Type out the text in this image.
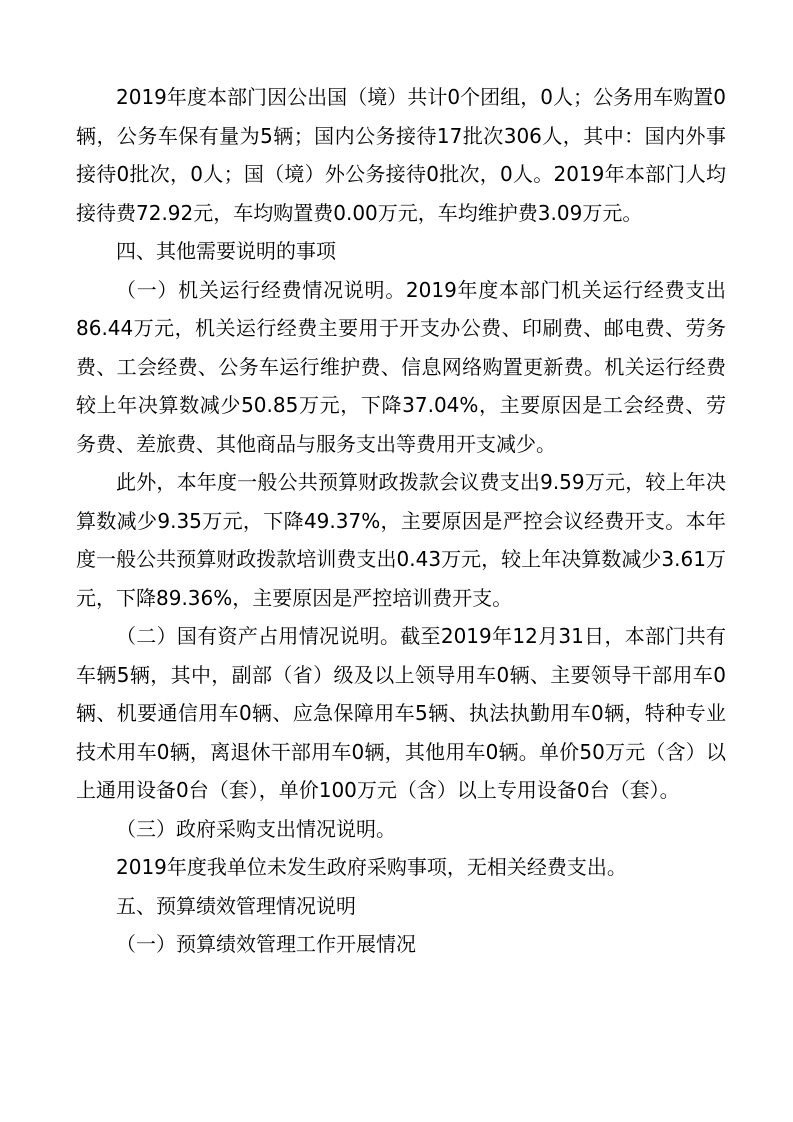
2019年度本部门因公出国（境）共计0个团组，0人；公务用车购置0辆，公务车保有量为5辆；国内公务接待17批次306人，其中：国内外事接待0批次，0人；国（境）外公务接待0批次，0人。2019年本部门人均接待费72.92元，车均购置费0.00万元，车均维护费3.09万元。

四、其他需要说明的事项

（一）机关运行经费情况说明。2019年度本部门机关运行经费支出86.44万元，机关运行经费主要用于开支办公费、印刷费、邮电费、劳务费、工会经费、公务车运行维护费、信息网络购置更新费。机关运行经费较上年决算数减少50.85万元，下降37.04%，主要原因是工会经费、劳务费、差旅费、其他商品与服务支出等费用开支减少。

此外，本年度一般公共预算财政拨款会议费支出9.59万元，较上年决算数减少9.35万元，下降49.37%，主要原因是严控会议经费开支。本年度一般公共预算财政拨款培训费支出0.43万元，较上年决算数减少3.61万元，下降89.36%，主要原因是严控培训费开支。

（二）国有资产占用情况说明。截至2019年12月31日，本部门共有车辆5辆，其中，副部（省）级及以上领导用车0辆、主要领导干部用车0辆、机要通信用车0辆、应急保障用车5辆、执法执勤用车0辆，特种专业技术用车0辆，离退休干部用车0辆，其他用车0辆。单价50万元（含）以上通用设备0台（套），单价100万元（含）以上专用设备0台（套）。

（三）政府采购支出情况说明。

2019年度我单位未发生政府采购事项，无相关经费支出。

五、预算绩效管理情况说明

（一）预算绩效管理工作开展情况
